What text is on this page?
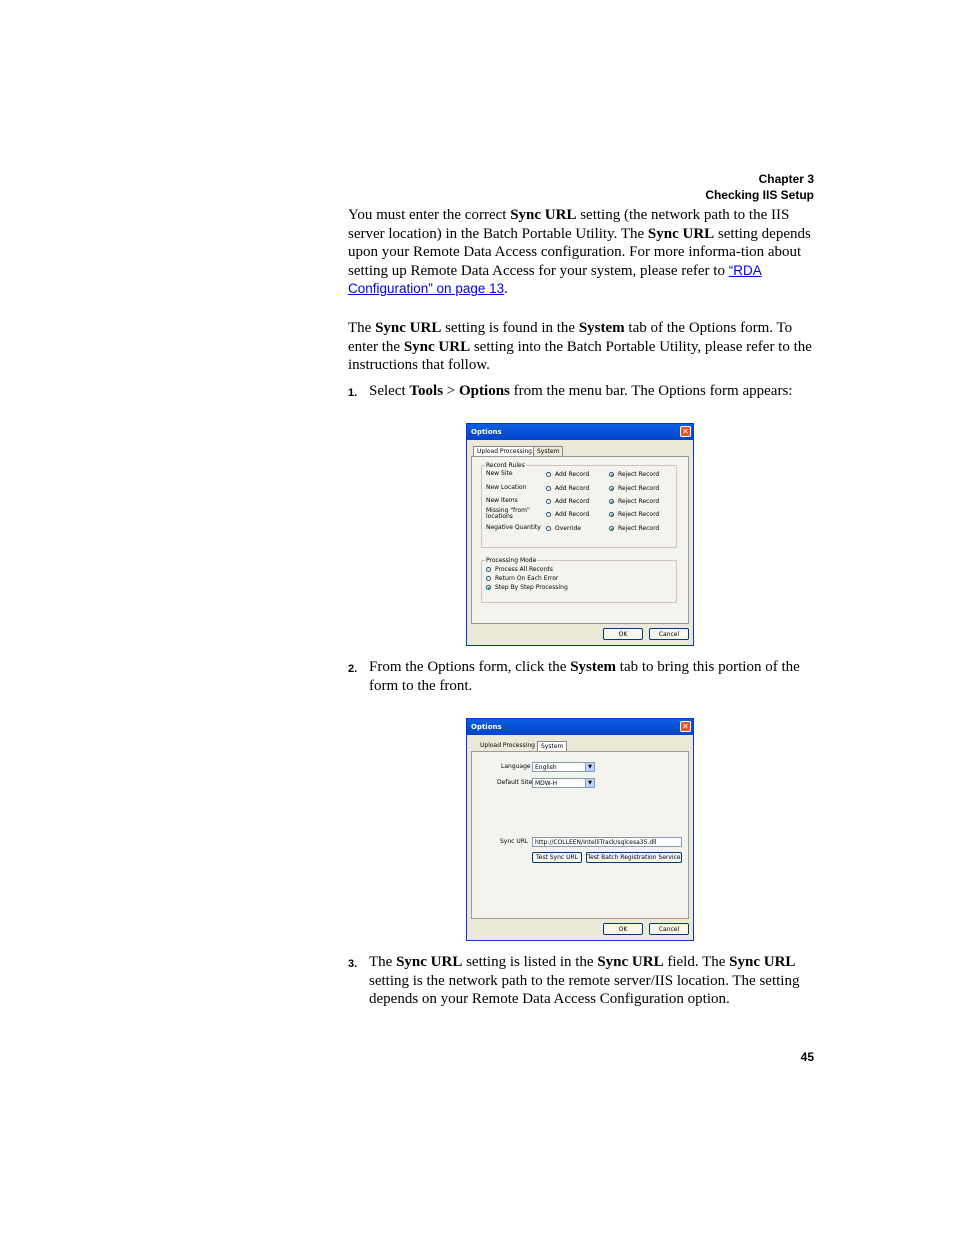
Chapter 3
Checking IIS Setup
You must enter the correct Sync URL setting (the network path to the IIS server location) in the Batch Portable Utility. The Sync URL setting depends upon your Remote Data Access configuration. For more informa-tion about setting up Remote Data Access for your system, please refer to “RDA Configuration” on page 13.
The Sync URL setting is found in the System tab of the Options form. To enter the Sync URL setting into the Batch Portable Utility, please refer to the instructions that follow.
1. Select Tools > Options from the menu bar. The Options form appears:
Options	✕
Upload Processing System
Record Rules
New Site	Add Record	Reject Record
New Location	Add Record	Reject Record
New Items	Add Record	Reject Record
Missing "from" locations	Add Record	Reject Record
Negative Quantity Override	Reject Record
Processing Mode
Process All Records
Return On Each Error
Step By Step Processing
OK	Cancel
2. From the Options form, click the System tab to bring this portion of the form to the front.
Options	✕
Upload Processing	System
Language English	▼
Default Site MDW-H	▼
Sync URL http://COLLEEN/IntelliTrack/sqlcesa35.dll
Test Sync URL	Test Batch Registration Service
OK	Cancel
3. The Sync URL setting is listed in the Sync URL field. The Sync URL setting is the network path to the remote server/IIS location. The setting depends on your Remote Data Access Configuration option.
45
